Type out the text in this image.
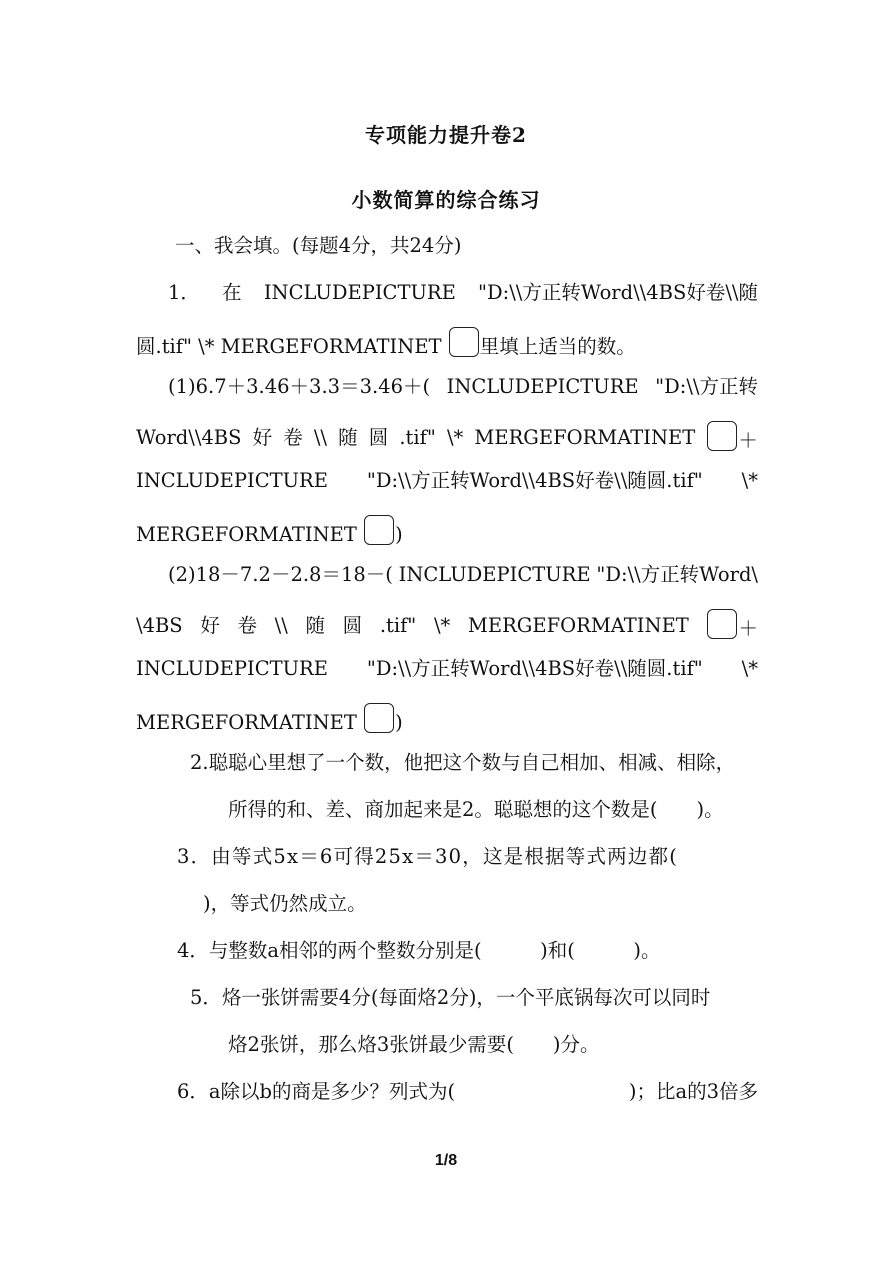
专项能力提升卷2
小数简算的综合练习
一、我会填。(每题4分，共24分)
1． 在 INCLUDEPICTURE "D:\\方正转Word\\4BS好卷\\随
圆.tif" \* MERGEFORMATINET 里填上适当的数。
(1)6.7＋3.46＋3.3＝3.46＋( INCLUDEPICTURE "D:\\方正转
Word\\4BS 好 卷 \\ 随 圆 .tif" \* MERGEFORMATINET	＋
INCLUDEPICTURE "D:\\方正转Word\\4BS好卷\\随圆.tif" \*
MERGEFORMATINET )
(2)18－7.2－2.8＝18－( INCLUDEPICTURE "D:\\方正转Word\
\4BS 好 卷 \\ 随 圆 .tif" \* MERGEFORMATINET	＋
INCLUDEPICTURE "D:\\方正转Word\\4BS好卷\\随圆.tif" \*
MERGEFORMATINET )
2.聪聪心里想了一个数，他把这个数与自己相加、相减、相除，
所得的和、差、商加起来是2。聪聪想的这个数是(　　)。
3．由等式5x＝6可得25x＝30，这是根据等式两边都(
)，等式仍然成立。
4．与整数a相邻的两个整数分别是(　　　)和(　　　)。
5．烙一张饼需要4分(每面烙2分)，一个平底锅每次可以同时
烙2张饼，那么烙3张饼最少需要(　　)分。
6．a除以b的商是多少？列式为(	)；比a的3倍多
1/8
